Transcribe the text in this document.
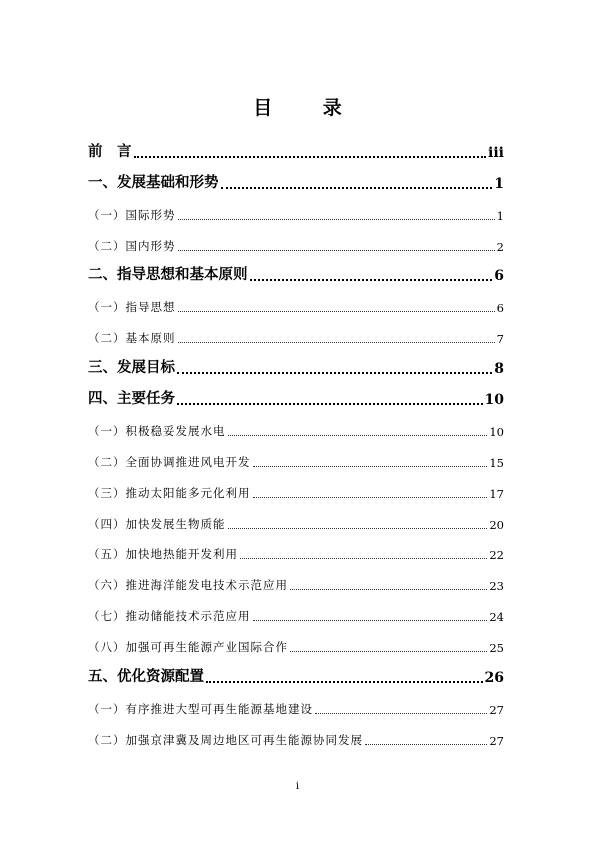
目 录
前　言	iii
一、发展基础和形势	1
（一）国际形势	1
（二）国内形势	2
二、指导思想和基本原则	6
（一）指导思想	6
（二）基本原则	7
三、发展目标	8
四、主要任务	10
（一）积极稳妥发展水电	10
（二）全面协调推进风电开发	15
（三）推动太阳能多元化利用	17
（四）加快发展生物质能	20
（五）加快地热能开发利用	22
（六）推进海洋能发电技术示范应用	23
（七）推动储能技术示范应用	24
（八）加强可再生能源产业国际合作	25
五、优化资源配置	26
（一）有序推进大型可再生能源基地建设	27
（二）加强京津冀及周边地区可再生能源协同发展	27
i
